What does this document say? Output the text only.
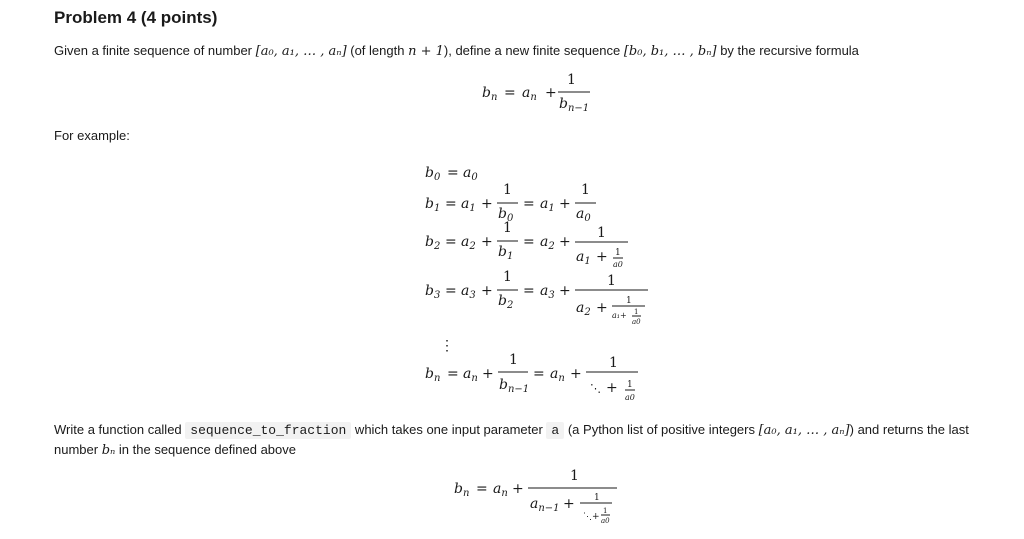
Problem 4 (4 points)
Given a finite sequence of number [a₀, a₁, … , aₙ] (of length n + 1), define a new finite sequence [b₀, b₁, … , bₙ] by the recursive formula
For example:
Write a function called sequence_to_fraction which takes one input parameter a (a Python list of positive integers [a₀, a₁, … , aₙ]) and returns the last number bₙ in the sequence defined above
$b_n = a_n$ +
1
$b_{n-1}$
$b_0 = a_0$
$b_1 = a_1$ +
1
$b_0$
= $a_1$ +
1
$a_0$
$b_2 = a_2$ +
1
$b_1$
= $a_2$ +
1
$a_1 + 1$
a0
$b_3 = a_3$ +
1
$b_2$
= $a_3$ +
1
$a_2 + 1$
a₁+ 1
a0
⋮
$b_n = a_n$ +
1
$b_{n-1}$
= $a_n$ +
1
⋱ + 1
a0
$b_n = a_n$ +
1
$a_{n-1} + 1$
⋱+
1
a0
